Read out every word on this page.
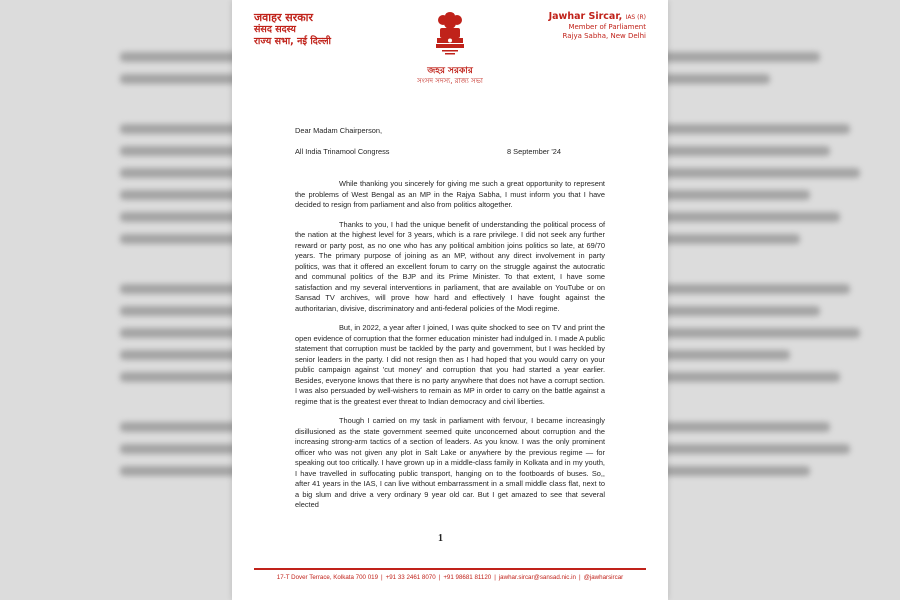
जवाहर सरकार
संसद सदस्य
राज्य सभा, नई दिल्ली
Jawhar Sircar, IAS (R)
Member of Parliament
Rajya Sabha, New Delhi
জহর সরকার
সংসদ সদস্য, রাজ্য সভা

Dear Madam Chairperson,

All India Trinamool Congress	8 September '24

While thanking you sincerely for giving me such a great opportunity to represent the problems of West Bengal as an MP in the Rajya Sabha, I must inform you that I have decided to resign from parliament and also from politics altogether.

Thanks to you, I had the unique benefit of understanding the political process of the nation at the highest level for 3 years, which is a rare privilege. I did not seek any further reward or party post, as no one who has any political ambition joins politics so late, at 69/70 years. The primary purpose of joining as an MP, without any direct involvement in party politics, was that it offered an excellent forum to carry on the struggle against the autocratic and communal politics of the BJP and its Prime Minister. To that extent, I have some satisfaction and my several interventions in parliament, that are available on YouTube or on Sansad TV archives, will prove how hard and effectively I have fought against the authoritarian, divisive, discriminatory and anti-federal policies of the Modi regime.

But, in 2022, a year after I joined, I was quite shocked to see on TV and print the open evidence of corruption that the former education minister had indulged in. I made A public statement that corruption must be tackled by the party and government, but I was heckled by senior leaders in the party. I did not resign then as I had hoped that you would carry on your public campaign against 'cut money' and corruption that you had started a year earlier. Besides, everyone knows that there is no party anywhere that does not have a corrupt section. I was also persuaded by well-wishers to remain as MP in order to carry on the battle against a regime that is the greatest ever threat to Indian democracy and civil liberties.

Though I carried on my task in parliament with fervour, I became increasingly disillusioned as the state government seemed quite unconcerned about corruption and the increasing strong-arm tactics of a section of leaders. As you know. I was the only prominent officer who was not given any plot in Salt Lake or anywhere by the previous regime — for speaking out too critically. I have grown up in a middle-class family in Kolkata and in my youth, I have travelled in suffocating public transport, hanging on to the footboards of buses. So,, after 41 years in the IAS, I can live without embarrassment in a small middle class flat, next to a big slum and drive a very ordinary 9 year old car. But I get amazed to see that several elected

1
17-T Dover Terrace, Kolkata 700 019 | +91 33 2461 8070 | +91 98681 81120 | jawhar.sircar@sansad.nic.in | @jawharsircar
